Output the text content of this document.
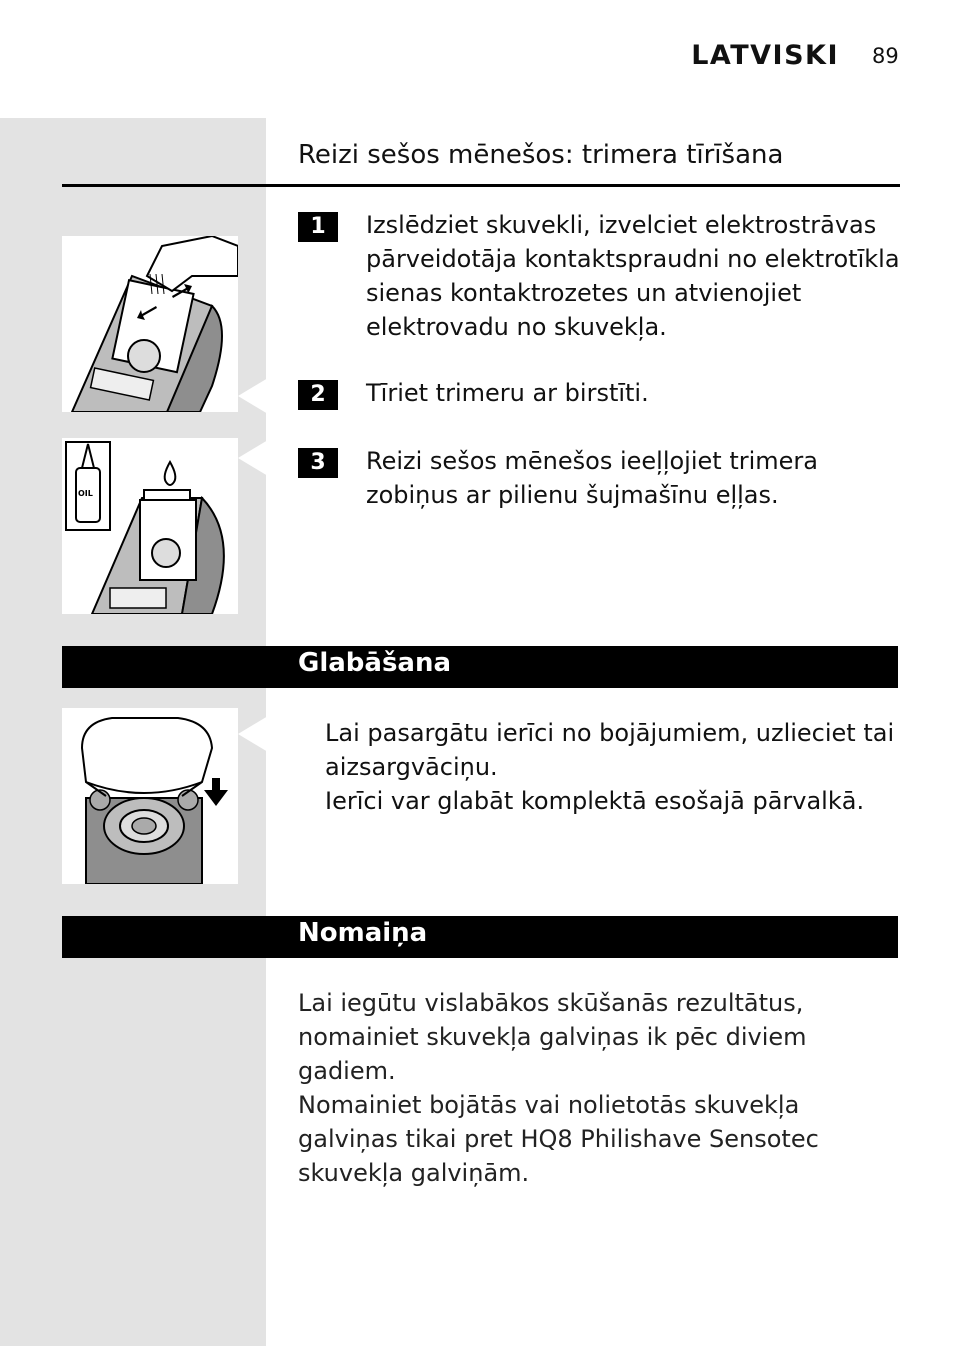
LATVISKI 89
Reizi sešos mēnešos: trimera tīrīšana
OIL
1	Izslēdziet skuvekli, izvelciet elektrostrāvas pārveidotāja kontaktspraudni no elektrotīkla sienas kontaktrozetes un atvienojiet elektrovadu no skuvekļa.
2	Tīriet trimeru ar birstīti.
3	Reizi sešos mēnešos ieeļļojiet trimera zobiņus ar pilienu šujmašīnu eļļas.
Glabāšana
Lai pasargātu ierīci no bojājumiem, uzlieciet tai aizsargvāciņu.
Ierīci var glabāt komplektā esošajā pārvalkā.
Nomaiņa
Lai iegūtu vislabākos skūšanās rezultātus, nomainiet skuvekļa galviņas ik pēc diviem gadiem.
Nomainiet bojātās vai nolietotās skuvekļa galviņas tikai pret HQ8 Philishave Sensotec skuvekļa galviņām.
